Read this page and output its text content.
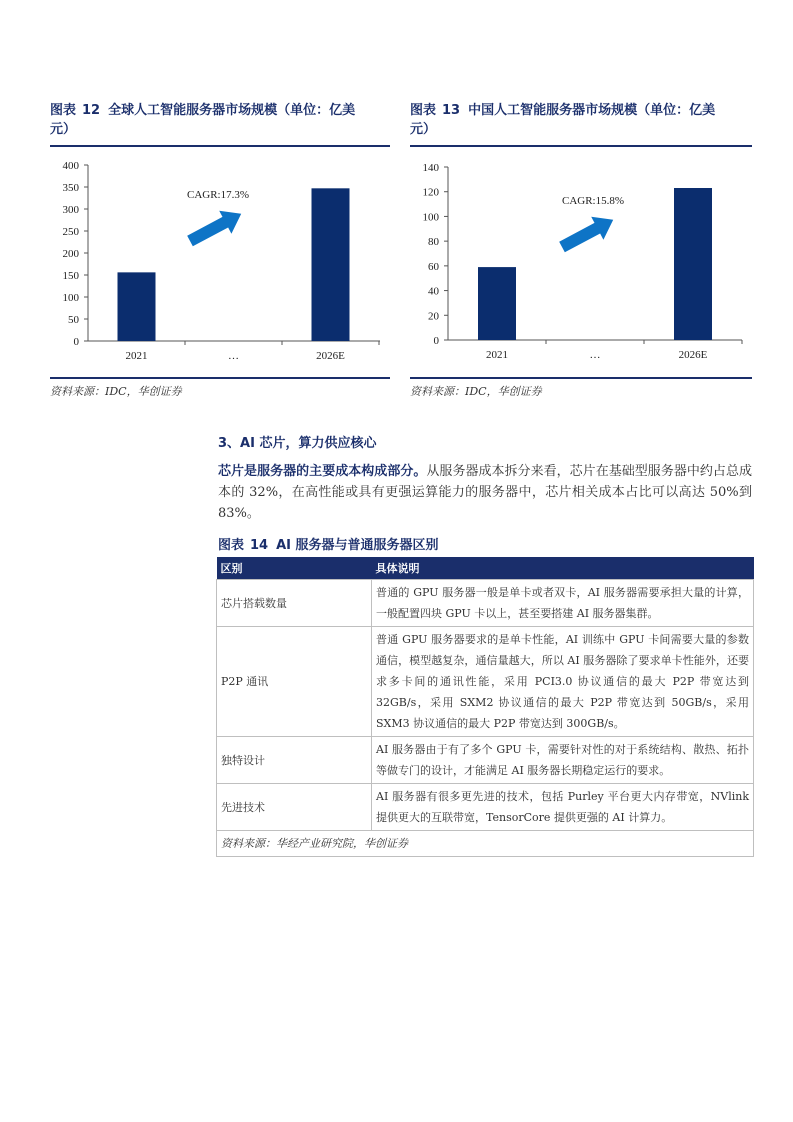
图表 12 全球人工智能服务器市场规模（单位：亿美
元）
图表 13 中国人工智能服务器市场规模（单位：亿美
元）
0
50
100
150
200
250
300
350
400
2021	…	2026E
CAGR:17.3%
资料来源：IDC，华创证券
0
20
40
60
80
100
120
140
2021	…	2026E
CAGR:15.8%
资料来源：IDC，华创证券
3、AI 芯片，算力供应核心
芯片是服务器的主要成本构成部分。从服务器成本拆分来看，芯片在基础型服务器中约占总成本的 32%，在高性能或具有更强运算能力的服务器中，芯片相关成本占比可以高达 50%到 83%。
图表 14 AI 服务器与普通服务器区别
区别	具体说明
芯片搭载数量	普通的 GPU 服务器一般是单卡或者双卡，AI 服务器需要承担大量的计算，一般配置四块 GPU 卡以上，甚至要搭建 AI 服务器集群。
P2P 通讯	普通 GPU 服务器要求的是单卡性能，AI 训练中 GPU 卡间需要大量的参数通信，模型越复杂，通信量越大，所以 AI 服务器除了要求单卡性能外，还要求多卡间的通讯性能，采用 PCI3.0 协议通信的最大 P2P 带宽达到 32GB/s，采用 SXM2 协议通信的最大 P2P 带宽达到 50GB/s，采用 SXM3 协议通信的最大 P2P 带宽达到 300GB/s。
独特设计	AI 服务器由于有了多个 GPU 卡，需要针对性的对于系统结构、散热、拓扑等做专门的设计，才能满足 AI 服务器长期稳定运行的要求。
先进技术	AI 服务器有很多更先进的技术，包括 Purley 平台更大内存带宽，NVlink 提供更大的互联带宽，TensorCore 提供更强的 AI 计算力。
资料来源：华经产业研究院，华创证券	
